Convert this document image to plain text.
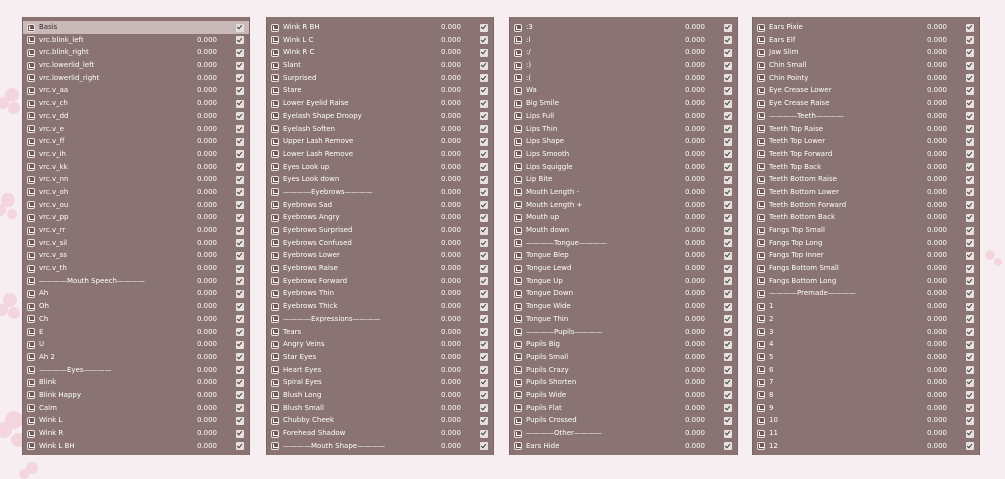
Basis
vrc.blink_left	0.000
vrc.blink_right	0.000
vrc.lowerlid_left	0.000
vrc.lowerlid_right	0.000
vrc.v_aa	0.000
vrc.v_ch	0.000
vrc.v_dd	0.000
vrc.v_e	0.000
vrc.v_ff	0.000
vrc.v_ih	0.000
vrc.v_kk	0.000
vrc.v_nn	0.000
vrc.v_oh	0.000
vrc.v_ou	0.000
vrc.v_pp	0.000
vrc.v_rr	0.000
vrc.v_sil	0.000
vrc.v_ss	0.000
vrc.v_th	0.000
————Mouth Speech————	0.000
Ah	0.000
Oh	0.000
Ch	0.000
E	0.000
U	0.000
Ah 2	0.000
————Eyes————	0.000
Blink	0.000
Blink Happy	0.000
Calm	0.000
Wink L	0.000
Wink R	0.000
Wink L BH	0.000
Wink R BH	0.000
Wink L C	0.000
Wink R C	0.000
Slant	0.000
Surprised	0.000
Stare	0.000
Lower Eyelid Raise	0.000
Eyelash Shape Droopy	0.000
Eyelash Soften	0.000
Upper Lash Remove	0.000
Lower Lash Remove	0.000
Eyes Look up	0.000
Eyes Look down	0.000
————Eyebrows————	0.000
Eyebrows Sad	0.000
Eyebrows Angry	0.000
Eyebrows Surprised	0.000
Eyebrows Confused	0.000
Eyebrows Lower	0.000
Eyebrows Raise	0.000
Eyebrows Forward	0.000
Eyebrows Thin	0.000
Eyebrows Thick	0.000
————Expressions————	0.000
Tears	0.000
Angry Veins	0.000
Star Eyes	0.000
Heart Eyes	0.000
Spiral Eyes	0.000
Blush Long	0.000
Blush Small	0.000
Chubby Cheek	0.000
Forehead Shadow	0.000
————Mouth Shape————	0.000
:3	0.000
:l	0.000
:/	0.000
:)	0.000
:(	0.000
Wa	0.000
Big Smile	0.000
Lips Full	0.000
Lips Thin	0.000
Lips Shape	0.000
Lips Smooth	0.000
Lips Squiggle	0.000
Lip Bite	0.000
Mouth Length -	0.000
Mouth Length +	0.000
Mouth up	0.000
Mouth down	0.000
————Tongue————	0.000
Tongue Blep	0.000
Tongue Lewd	0.000
Tongue Up	0.000
Tongue Down	0.000
Tongue Wide	0.000
Tongue Thin	0.000
————Pupils————	0.000
Pupils Big	0.000
Pupils Small	0.000
Pupils Crazy	0.000
Pupils Shorten	0.000
Pupils Wide	0.000
Pupils Flat	0.000
Pupils Crossed	0.000
————Other————	0.000
Ears Hide	0.000
Ears Pixie	0.000
Ears Elf	0.000
Jaw Slim	0.000
Chin Small	0.000
Chin Pointy	0.000
Eye Crease Lower	0.000
Eye Crease Raise	0.000
————Teeth————	0.000
Teeth Top Raise	0.000
Teeth Top Lower	0.000
Teeth Top Forward	0.000
Teeth Top Back	0.000
Teeth Bottom Raise	0.000
Teeth Bottom Lower	0.000
Teeth Bottom Forward	0.000
Teeth Bottom Back	0.000
Fangs Top Small	0.000
Fangs Top Long	0.000
Fangs Top Inner	0.000
Fangs Bottom Small	0.000
Fangs Bottom Long	0.000
————Premade————	0.000
1	0.000
2	0.000
3	0.000
4	0.000
5	0.000
6	0.000
7	0.000
8	0.000
9	0.000
10	0.000
11	0.000
12	0.000
